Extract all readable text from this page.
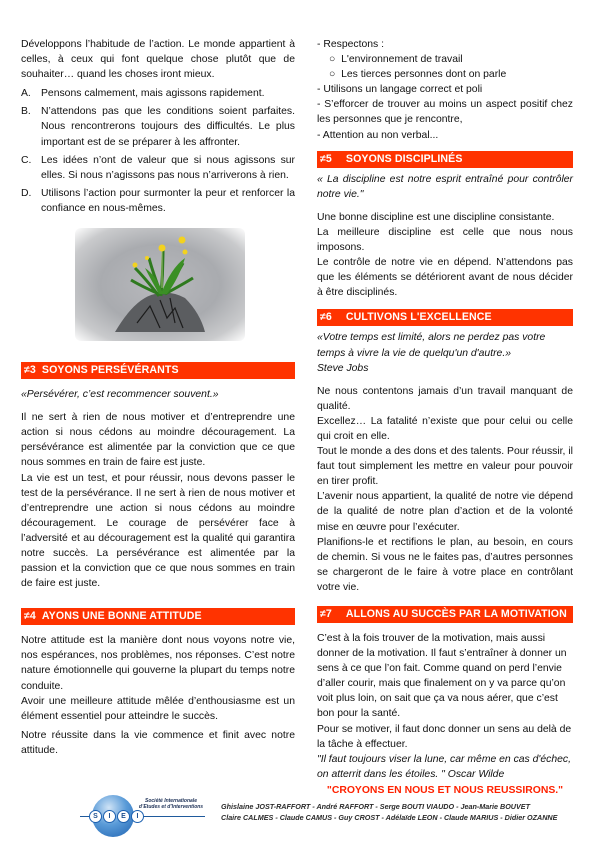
Développons l’habitude de l’action. Le monde appartient à celles, à ceux qui font quelque chose plutôt que de souhaiter… quand les choses iront mieux.

A. Pensons calmement, mais agissons rapidement.
B. N’attendons pas que les conditions soient parfaites. Nous rencontrerons toujours des difficultés. Le plus important est de se préparer à les affronter.
C. Les idées n’ont de valeur que si nous agissons sur elles. Si nous n’agissons pas nous n’arriverons à rien.
D. Utilisons l’action pour surmonter la peur et renforcer la confiance en nous-mêmes.
≠3 SOYONS PERSÉVÉRANTS

«Persévérer, c’est recommencer souvent.»

Il ne sert à rien de nous motiver et d’entreprendre une action si nous cédons au moindre découragement. La persévérance est alimentée par la conviction que ce que nous sommes en train de faire est juste.

La vie est un test, et pour réussir, nous devons passer le test de la persévérance. Il ne sert à rien de nous motiver et d’entreprendre une action si nous cédons au moindre découragement. Le courage de persévérer face à l’adversité et au découragement est la qualité qui garantira notre succès. La persévérance est alimentée par la passion et la conviction que ce que nous sommes en train de faire est juste.

≠4 AYONS UNE BONNE ATTITUDE

Notre attitude est la manière dont nous voyons notre vie, nos espérances, nos problèmes, nos réponses. C’est notre nature émotionnelle qui gouverne la plupart du temps notre conduite.

Avoir une meilleure attitude mêlée d’enthousiasme est un élément essentiel pour atteindre le succès.

Notre réussite dans la vie commence et finit avec notre attitude.

- Respectons :
○  L'environnement de travail
○  Les tierces personnes dont on parle
- Utilisons un langage correct et poli
- S’efforcer de trouver au moins un aspect positif chez les personnes que je rencontre,
- Attention au non verbal...
≠5 SOYONS DISCIPLINÉS

« La discipline est notre esprit entraîné pour contrôler notre vie."

Une bonne discipline est une discipline consistante.

La meilleure discipline est celle que nous nous imposons.

Le contrôle de notre vie en dépend. N’attendons pas que les éléments se détériorent avant de nous décider à être disciplinés.

≠6 CULTIVONS L'EXCELLENCE

«Votre temps est limité, alors ne perdez pas votre temps à vivre la vie de quelqu'un d'autre.»

Steve Jobs

Ne nous contentons jamais d’un travail manquant de qualité.

Excellez… La fatalité n’existe que pour celui ou celle qui croit en elle.

Tout le monde a des dons et des talents. Pour réussir, il faut tout simplement les mettre en valeur pour pouvoir en tirer profit.

L’avenir nous appartient, la qualité de notre vie dépend de la qualité de notre plan d’action et de la volonté mise en œuvre pour l’exécuter.

Planifions-le et rectifions le plan, au besoin, en cours de chemin. Si vous ne le faites pas, d’autres personnes se chargeront de le faire à votre place en contrôlant votre vie.

≠7 ALLONS AU SUCCÈS PAR LA MOTIVATION

C’est à la fois trouver de la motivation, mais aussi donner de la motivation. Il faut s’entraîner à donner un sens à ce que l’on fait. Comme quand on perd l’envie d’aller courir, mais que finalement on y va parce qu’on voit plus loin, on sait que ça va nous aérer, que c’est bon pour la santé.

Pour se motiver, il faut donc donner un sens au delà de la tâche à effectuer.

"Il faut toujours viser la lune, car même en cas d'échec, on atterrit dans les étoiles. " Oscar Wilde

"CROYONS EN NOUS ET NOUS REUSSIRONS."

S	I	E	I
Société Internationale
d’Etudes et d’Interventions	Ghislaine JOST-RAFFORT - André RAFFORT - Serge BOUTI VIAUDO - Jean-Marie BOUVET
Claire CALMES - Claude CAMUS - Guy CROST - Adélaïde LEON - Claude MARIUS - Didier OZANNE
